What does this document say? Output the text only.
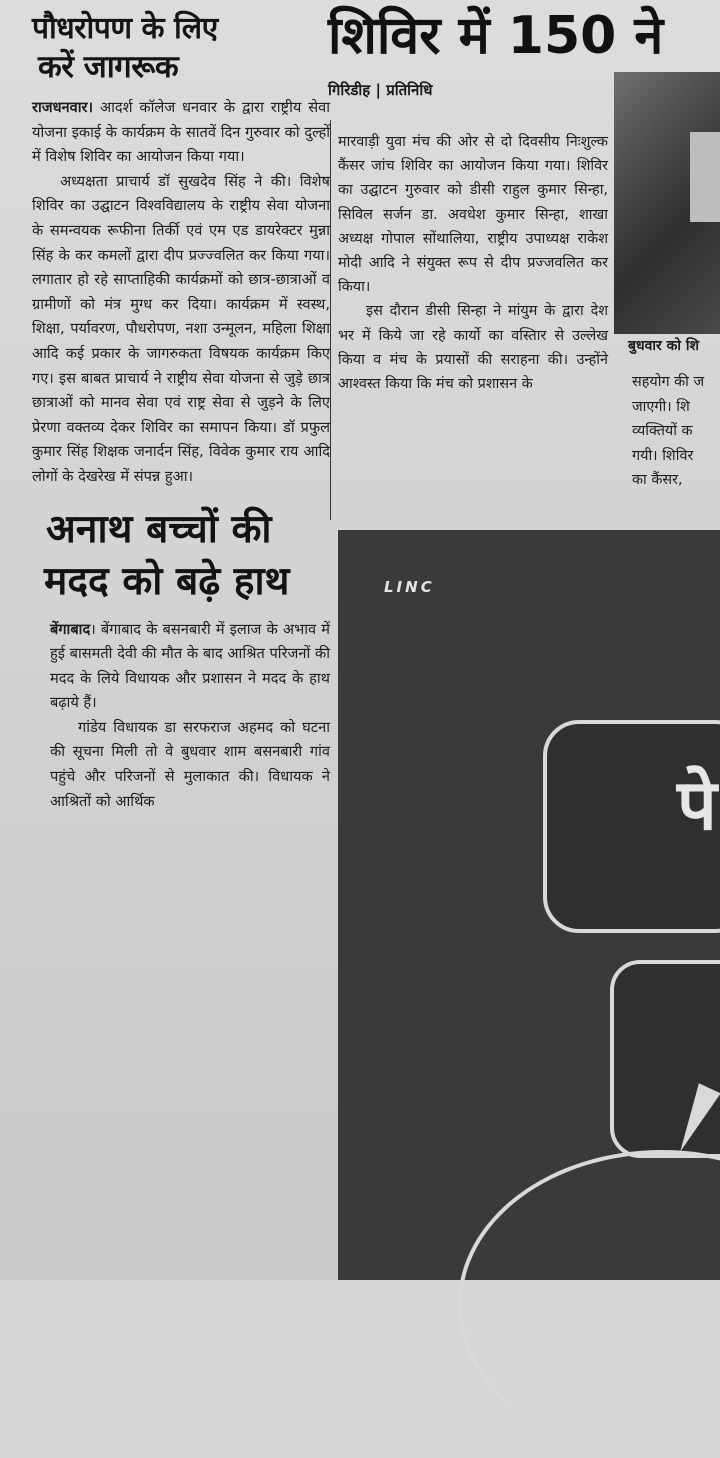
पौधरोपण के लिए
करें जागरूक

राजधनवार। आदर्श कॉलेज धनवार के द्वारा राष्ट्रीय सेवा योजना इकाई के कार्यक्रम के सातवें दिन गुरुवार को दुल्हों में विशेष शिविर का आयोजन किया गया।

अध्यक्षता प्राचार्य डॉ सुखदेव सिंह ने की। विशेष शिविर का उद्घाटन विश्वविद्यालय के राष्ट्रीय सेवा योजना के समन्वयक रूफीना तिर्की एवं एम एड डायरेक्टर मुन्ना सिंह के कर कमलों द्वारा दीप प्रज्ज्वलित कर किया गया। लगातार हो रहे साप्ताहिकी कार्यक्रमों को छात्र-छात्राओं व ग्रामीणों को मंत्र मुग्ध कर दिया। कार्यक्रम में स्वस्थ, शिक्षा, पर्यावरण, पौधरोपण, नशा उन्मूलन, महिला शिक्षा आदि कई प्रकार के जागरुकता विषयक कार्यक्रम किए गए। इस बाबत प्राचार्य ने राष्ट्रीय सेवा योजना से जुड़े छात्र छात्राओं को मानव सेवा एवं राष्ट्र सेवा से जुड़ने के लिए प्रेरणा वक्तव्य देकर शिविर का समापन किया। डॉ प्रफुल कुमार सिंह शिक्षक जनार्दन सिंह, विवेक कुमार राय आदि लोगों के देखरेख में संपन्न हुआ।

अनाथ बच्चों की
मदद को बढ़े हाथ

बेंगाबाद। बेंगाबाद के बसनबारी में इलाज के अभाव में हुई बासमती देवी की मौत के बाद आश्रित परिजनों की मदद के लिये विधायक और प्रशासन ने मदद के हाथ बढ़ाये हैं।

गांडेय विधायक डा सरफराज अहमद को घटना की सूचना मिली तो वे बुधवार शाम बसनबारी गांव पहुंचे और परिजनों से मुलाकात की। विधायक ने आश्रितों को आर्थिक

शिविर में 150 ने
गिरिडीह | प्रतिनिधि

मारवाड़ी युवा मंच की ओर से दो दिवसीय निःशुल्क कैंसर जांच शिविर का आयोजन किया गया। शिविर का उद्घाटन गुरुवार को डीसी राहुल कुमार सिन्हा, सिविल सर्जन डा. अवधेश कुमार सिन्हा, शाखा अध्यक्ष गोपाल सोंथालिया, राष्ट्रीय उपाध्यक्ष राकेश मोदी आदि ने संयुक्त रूप से दीप प्रज्जवलित कर किया।

इस दौरान डीसी सिन्हा ने मांयुम के द्वारा देश भर में किये जा रहे कार्यो का वस्तिार से उल्लेख किया व मंच के प्रयासों की सराहना की। उन्होंने आश्वस्त किया कि मंच को प्रशासन के

बुधवार को शि

सहयोग की ज

जाएगी। शि

व्यक्तियों क

गयी। शिविर

का कैंसर,

LINC
पे
